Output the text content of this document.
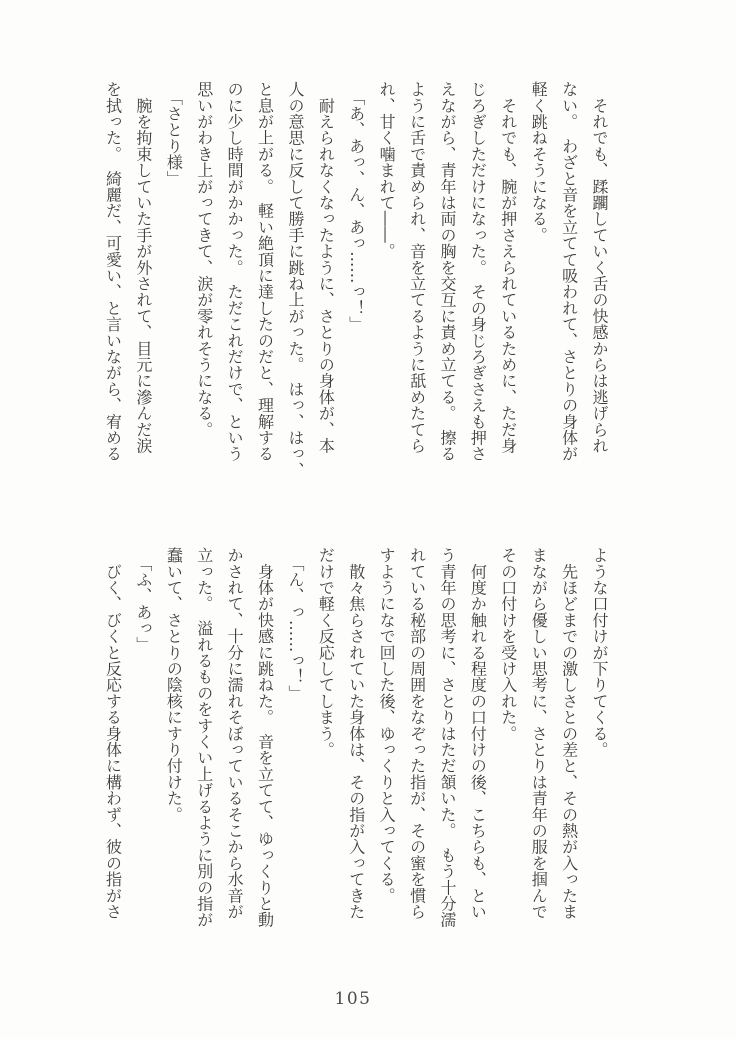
　それでも、蹂躙していく舌の快感からは逃げられ
ない。　わざと音を立てて吸われて、さとりの身体が
軽く跳ねそうになる。
　それでも、腕が押さえられているために、ただ身
じろぎしただけになった。　その身じろぎさえも押さ
えながら、青年は両の胸を交互に責め立てる。　擦る
ように舌で責められ、音を立てるように舐めたてら
れ、甘く噛まれて――。
　「あ、あっ、ん、あっ……っ！」
　耐えられなくなったように、さとりの身体が、本
人の意思に反して勝手に跳ね上がった。　はっ、はっ、
と息が上がる。　軽い絶頂に達したのだと、理解する
のに少し時間がかかった。　ただこれだけで、という
思いがわき上がってきて、涙が零れそうになる。
　「さとり様」
　腕を拘束していた手が外されて、目元に滲んだ涙
を拭った。　綺麗だ、可愛い、と言いながら、宥める
ような口付けが下りてくる。
　先ほどまでの激しさとの差と、その熱が入ったま
まながら優しい思考に、さとりは青年の服を掴んで
その口付けを受け入れた。
　何度か触れる程度の口付けの後、こちらも、とい
う青年の思考に、さとりはただ頷いた。　もう十分濡
れている秘部の周囲をなぞった指が、その蜜を慣ら
すようになで回した後、ゆっくりと入ってくる。
　散々焦らされていた身体は、その指が入ってきた
だけで軽く反応してしまう。
　「ん、っ……っ！」
　身体が快感に跳ねた。　音を立てて、ゆっくりと動
かされて、十分に濡れそぼっているそこから水音が
立った。　溢れるものをすくい上げるように別の指が
蠢いて、さとりの陰核にすり付けた。
　「ふ、あっ」
　びく、びくと反応する身体に構わず、彼の指がさ
105
